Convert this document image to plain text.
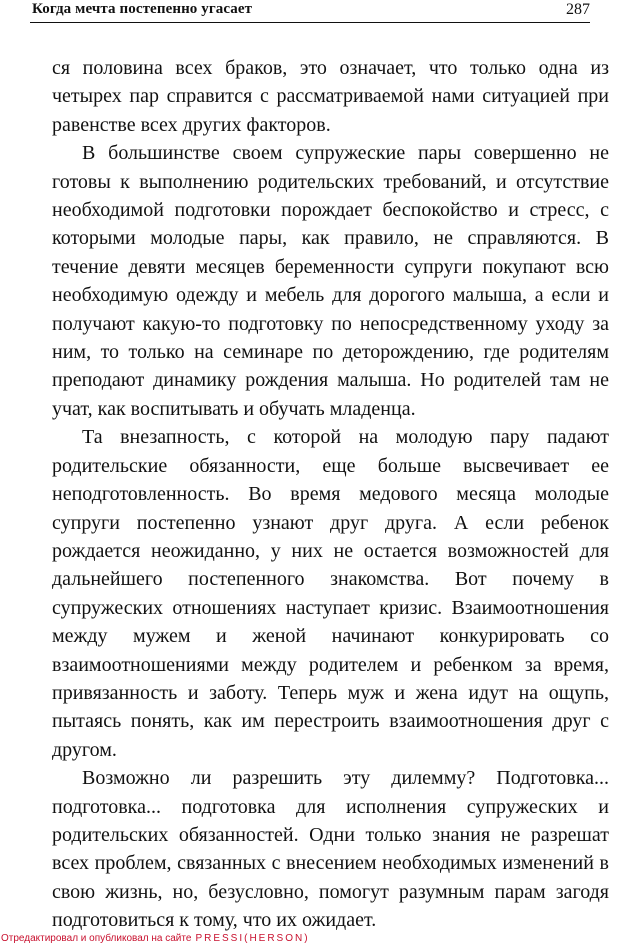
Когда мечта постепенно угасает	287

ся половина всех браков, это означает, что только одна из четырех пар справится с рассматриваемой нами ситуацией при равенстве всех других факторов.

В большинстве своем супружеские пары совершенно не готовы к выполнению родительских требований, и отсутствие необходимой подготовки порождает беспокойство и стресс, с которыми молодые пары, как правило, не справляются. В течение девяти месяцев беременности супруги покупают всю необходимую одежду и мебель для дорогого малыша, а если и получают какую-то подготовку по непосредственному уходу за ним, то только на семинаре по деторождению, где родителям преподают динамику рождения малыша. Но родителей там не учат, как воспитывать и обучать младенца.

Та внезапность, с которой на молодую пару падают родительские обязанности, еще больше высвечивает ее неподготовленность. Во время медового месяца молодые супруги постепенно узнают друг друга. А если ребенок рождается неожиданно, у них не остается возможностей для дальнейшего постепенного знакомства. Вот почему в супружеских отношениях наступает кризис. Взаимоотношения между мужем и женой начинают конкурировать со взаимоотношениями между родителем и ребенком за время, привязанность и заботу. Теперь муж и жена идут на ощупь, пытаясь понять, как им перестроить взаимоотношения друг с другом.

Возможно ли разрешить эту дилемму? Подготовка... подготовка... подготовка для исполнения супружеских и родительских обязанностей. Одни только знания не разрешат всех проблем, связанных с внесением необходимых изменений в свою жизнь, но, безусловно, помогут разумным парам загодя подготовиться к тому, что их ожидает.

Отредактировал и опубликовал на сайте PRESSI(HERSON)
